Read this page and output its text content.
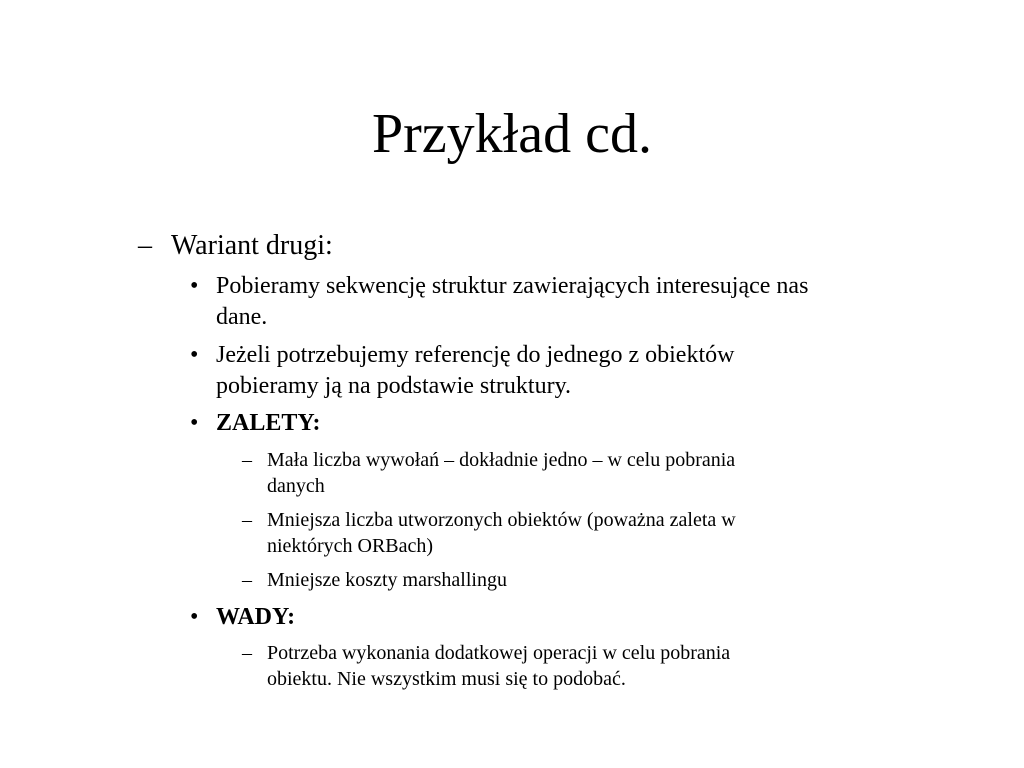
Przykład cd.
– Wariant drugi:
• Pobieramy sekwencję struktur zawierających interesujące nas
dane.
• Jeżeli potrzebujemy referencję do jednego z obiektów
pobieramy ją na podstawie struktury.
• ZALETY:
– Mała liczba wywołań – dokładnie jedno – w celu pobrania
danych
– Mniejsza liczba utworzonych obiektów (poważna zaleta w
niektórych ORBach)
– Mniejsze koszty marshallingu
• WADY:
– Potrzeba wykonania dodatkowej operacji w celu pobrania
obiektu. Nie wszystkim musi się to podobać.
